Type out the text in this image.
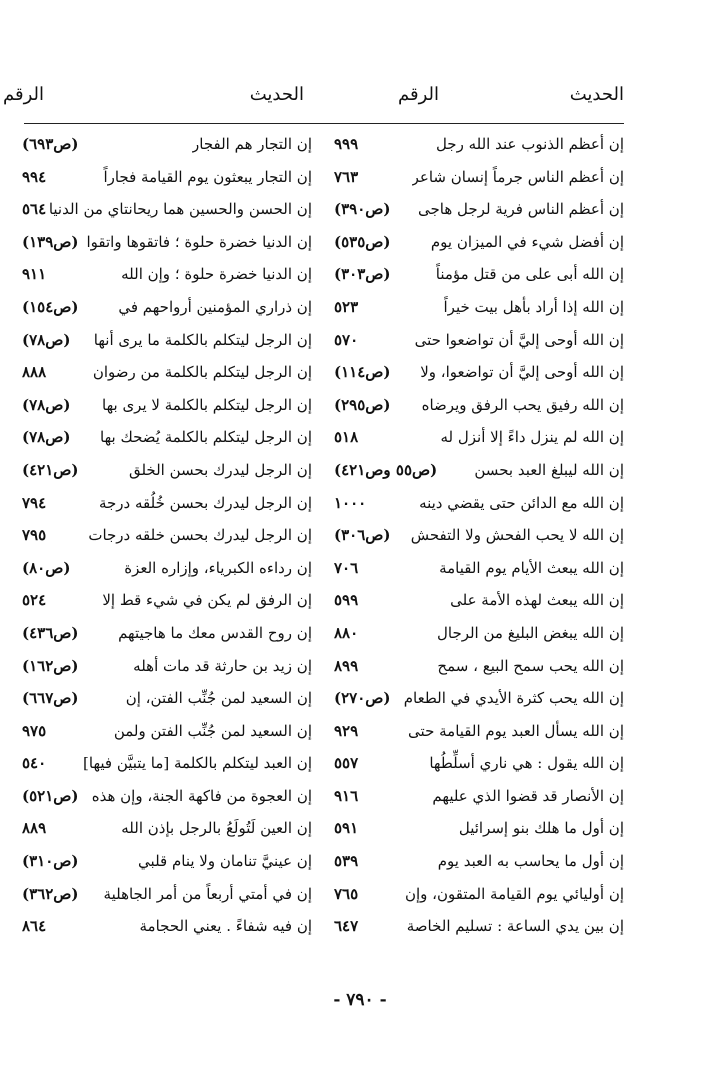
الحديث
الرقم
الحديث
الرقم
إن أعظم الذنوب عند الله رجل
٩٩٩
إن أعظم الناس جرماً إنسان شاعر
٧٦٣
إن أعظم الناس فرية لرجل هاجى
(ص٣٩٠)
إن أفضل شيء في الميزان يوم
(ص٥٣٥)
إن الله أبى على من قتل مؤمناً
(ص٣٠٣)
إن الله إذا أراد بأهل بيت خيراً
٥٢٣
إن الله أوحى إليَّ أن تواضعوا حتى
٥٧٠
إن الله أوحى إليَّ أن تواضعوا، ولا
(ص١١٤)
إن الله رفيق يحب الرفق ويرضاه
(ص٢٩٥)
إن الله لم ينزل داءً إلا أنزل له
٥١٨
إن الله ليبلغ العبد بحسن
(ص٥٥ وص٤٢١)
إن الله مع الدائن حتى يقضي دينه
١٠٠٠
إن الله لا يحب الفحش ولا التفحش
(ص٣٠٦)
إن الله يبعث الأيام يوم القيامة
٧٠٦
إن الله يبعث لهذه الأمة على
٥٩٩
إن الله يبغض البليغ من الرجال
٨٨٠
إن الله يحب سمح البيع ، سمح
٨٩٩
إن الله يحب كثرة الأيدي في الطعام
(ص٢٧٠)
إن الله يسأل العبد يوم القيامة حتى
٩٢٩
إن الله يقول : هي ناري أسلِّطُها
٥٥٧
إن الأنصار قد قضوا الذي عليهم
٩١٦
إن أول ما هلك بنو إسرائيل
٥٩١
إن أول ما يحاسب به العبد يوم
٥٣٩
إن أوليائي يوم القيامة المتقون، وإن
٧٦٥
إن بين يدي الساعة : تسليم الخاصة
٦٤٧
إن التجار هم الفجار
(ص٦٩٣)
إن التجار يبعثون يوم القيامة فجاراً
٩٩٤
إن الحسن والحسين هما ريحانتاي من الدنيا
٥٦٤
إن الدنيا خضرة حلوة ؛ فاتقوها واتقوا
(ص١٣٩)
إن الدنيا خضرة حلوة ؛ وإن الله
٩١١
إن ذراري المؤمنين أرواحهم في
(ص١٥٤)
إن الرجل ليتكلم بالكلمة ما يرى أنها
(ص٧٨)
إن الرجل ليتكلم بالكلمة من رضوان
٨٨٨
إن الرجل ليتكلم بالكلمة لا يرى بها
(ص٧٨)
إن الرجل ليتكلم بالكلمة يُضحك بها
(ص٧٨)
إن الرجل ليدرك بحسن الخلق
(ص٤٢١)
إن الرجل ليدرك بحسن خُلُقه درجة
٧٩٤
إن الرجل ليدرك بحسن خلقه درجات
٧٩٥
إن رداءه الكبرياء، وإزاره العزة
(ص٨٠)
إن الرفق لم يكن في شيء قط إلا
٥٢٤
إن روح القدس معك ما هاجيتهم
(ص٤٣٦)
إن زيد بن حارثة قد مات أهله
(ص١٦٢)
إن السعيد لمن جُنِّب الفتن، إن
(ص٦٦٧)
إن السعيد لمن جُنِّب الفتن ولمن
٩٧٥
إن العبد ليتكلم بالكلمة [ما يتبيَّن فيها]
٥٤٠
إن العجوة من فاكهة الجنة، وإن هذه
(ص٥٢١)
إن العين لَتُولَعُ بالرجل بإذن الله
٨٨٩
إن عينيَّ تنامان ولا ينام قلبي
(ص٣١٠)
إن في أمتي أربعاً من أمر الجاهلية
(ص٣٦٢)
إن فيه شفاءً . يعني الحجامة
٨٦٤
- ٧٩٠ -
